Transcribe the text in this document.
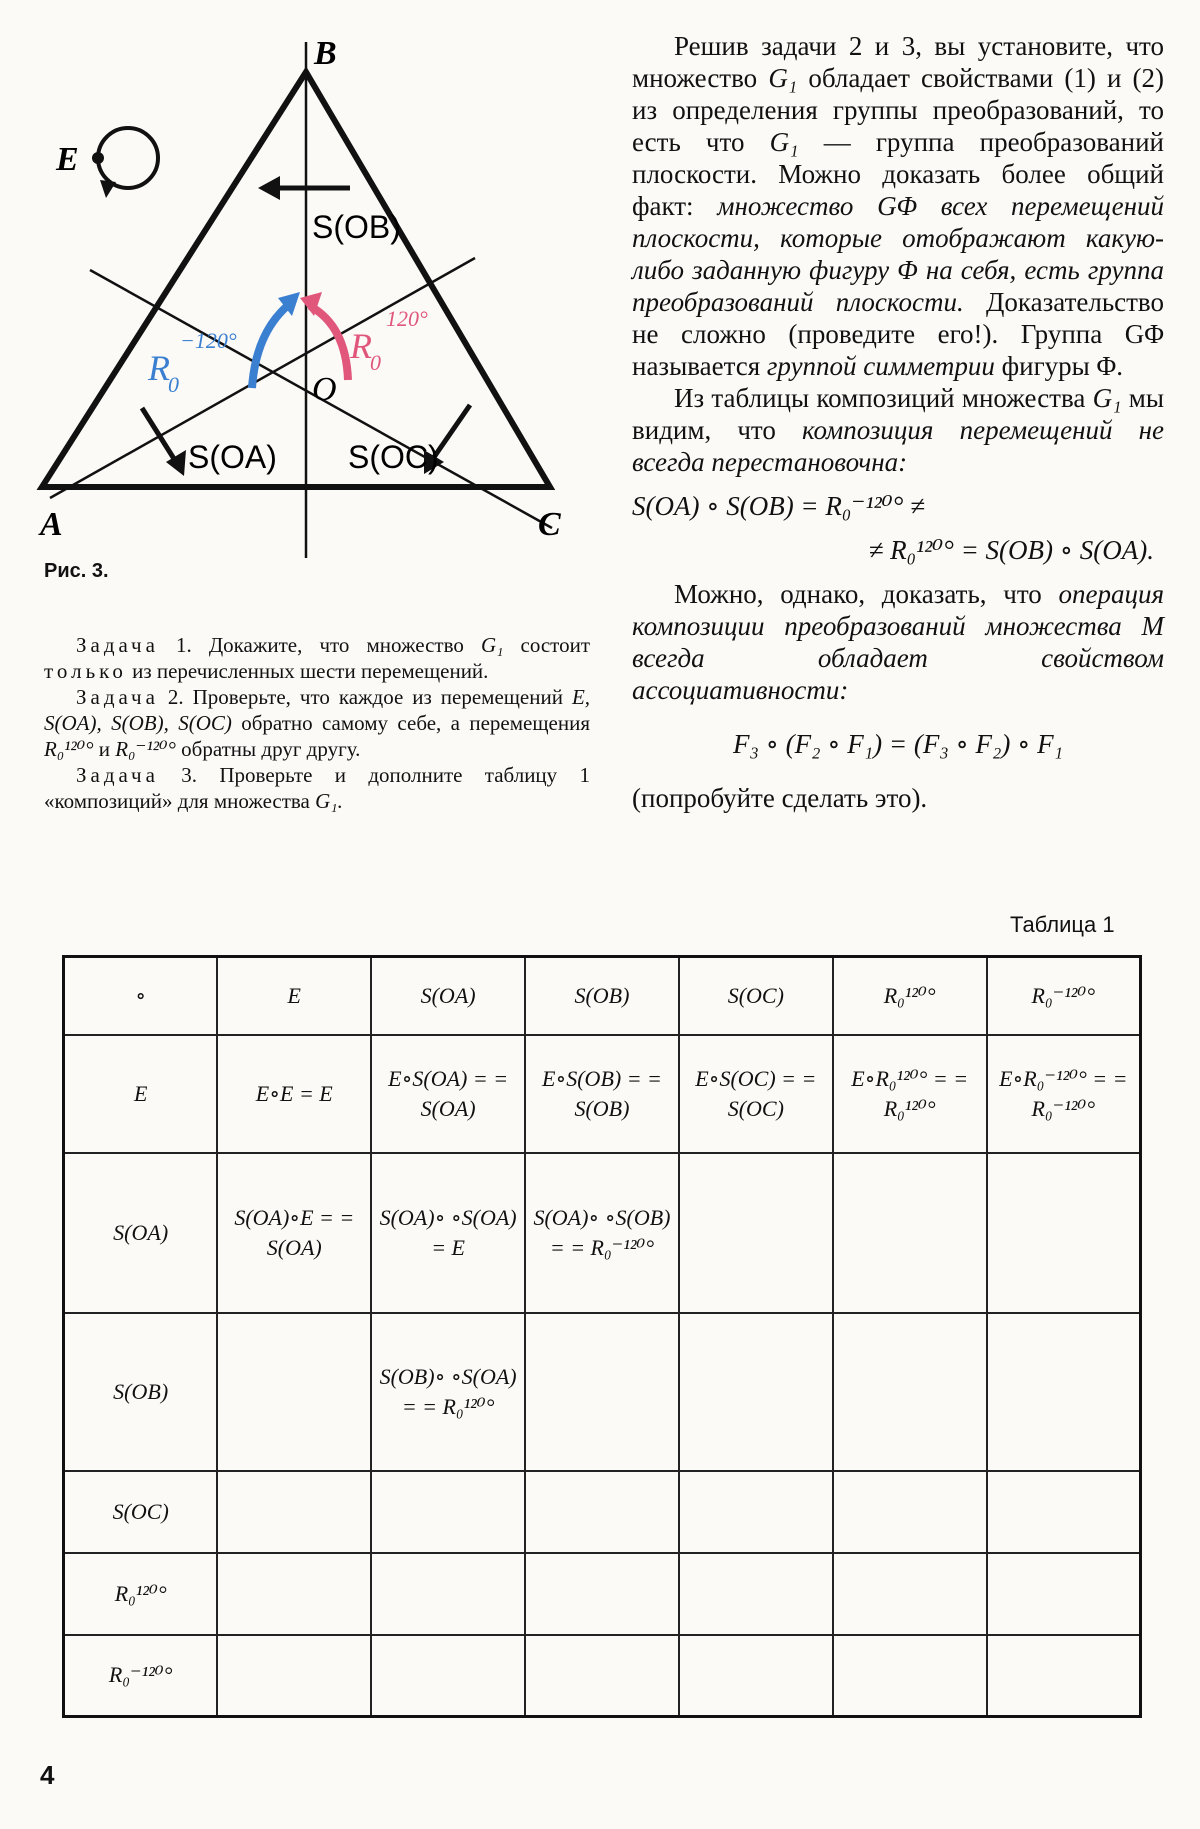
B
A	C
O
E
S(OB)
S(OA) S(OC)
R0
−120°	R0
120°
Рис. 3.

Задача 1. Докажите, что множество G₁ состоит только из перечисленных шести перемещений.

Задача 2. Проверьте, что каждое из перемещений E, S(OA), S(OB), S(OC) обратно самому себе, а перемещения R₀¹²⁰° и R₀⁻¹²⁰° обратны друг другу.

Задача 3. Проверьте и дополните таблицу 1 «композиций» для множества G₁.

Решив задачи 2 и 3, вы установите, что множество G₁ обладает свойствами (1) и (2) из определения группы преобразований, то есть что G₁ — группа преобразований плоскости. Можно доказать более общий факт: множество GΦ всех перемещений плоскости, которые отображают какую-либо заданную фигуру Φ на себя, есть группа преобразований плоскости. Доказательство не сложно (проведите его!). Группа GΦ называется группой симметрии фигуры Φ.

Из таблицы композиций множества G₁ мы видим, что композиция перемещений не всегда перестановочна:

S(OA) ∘ S(OB) = R₀⁻¹²⁰° ≠

≠ R₀¹²⁰° = S(OB) ∘ S(OA).

Можно, однако, доказать, что операция композиции преобразований множества M всегда обладает свойством ассоциативности:

F₃ ∘ (F₂ ∘ F₁) = (F₃ ∘ F₂) ∘ F₁

(попробуйте сделать это).

Таблица 1
∘	E	S(OA)	S(OB)	S(OC)	R₀¹²⁰°	R₀⁻¹²⁰°
E	E∘E = E	E∘S(OA) = = S(OA)	E∘S(OB) = = S(OB)	E∘S(OC) = = S(OC)	E∘R₀¹²⁰° = = R₀¹²⁰°	E∘R₀⁻¹²⁰° = = R₀⁻¹²⁰°
S(OA)	S(OA)∘E = = S(OA)	S(OA)∘ ∘S(OA) = E	S(OA)∘ ∘S(OB) = = R₀⁻¹²⁰°			
S(OB)		S(OB)∘ ∘S(OA) = = R₀¹²⁰°				
S(OC)						
R₀¹²⁰°						
R₀⁻¹²⁰°						
4
